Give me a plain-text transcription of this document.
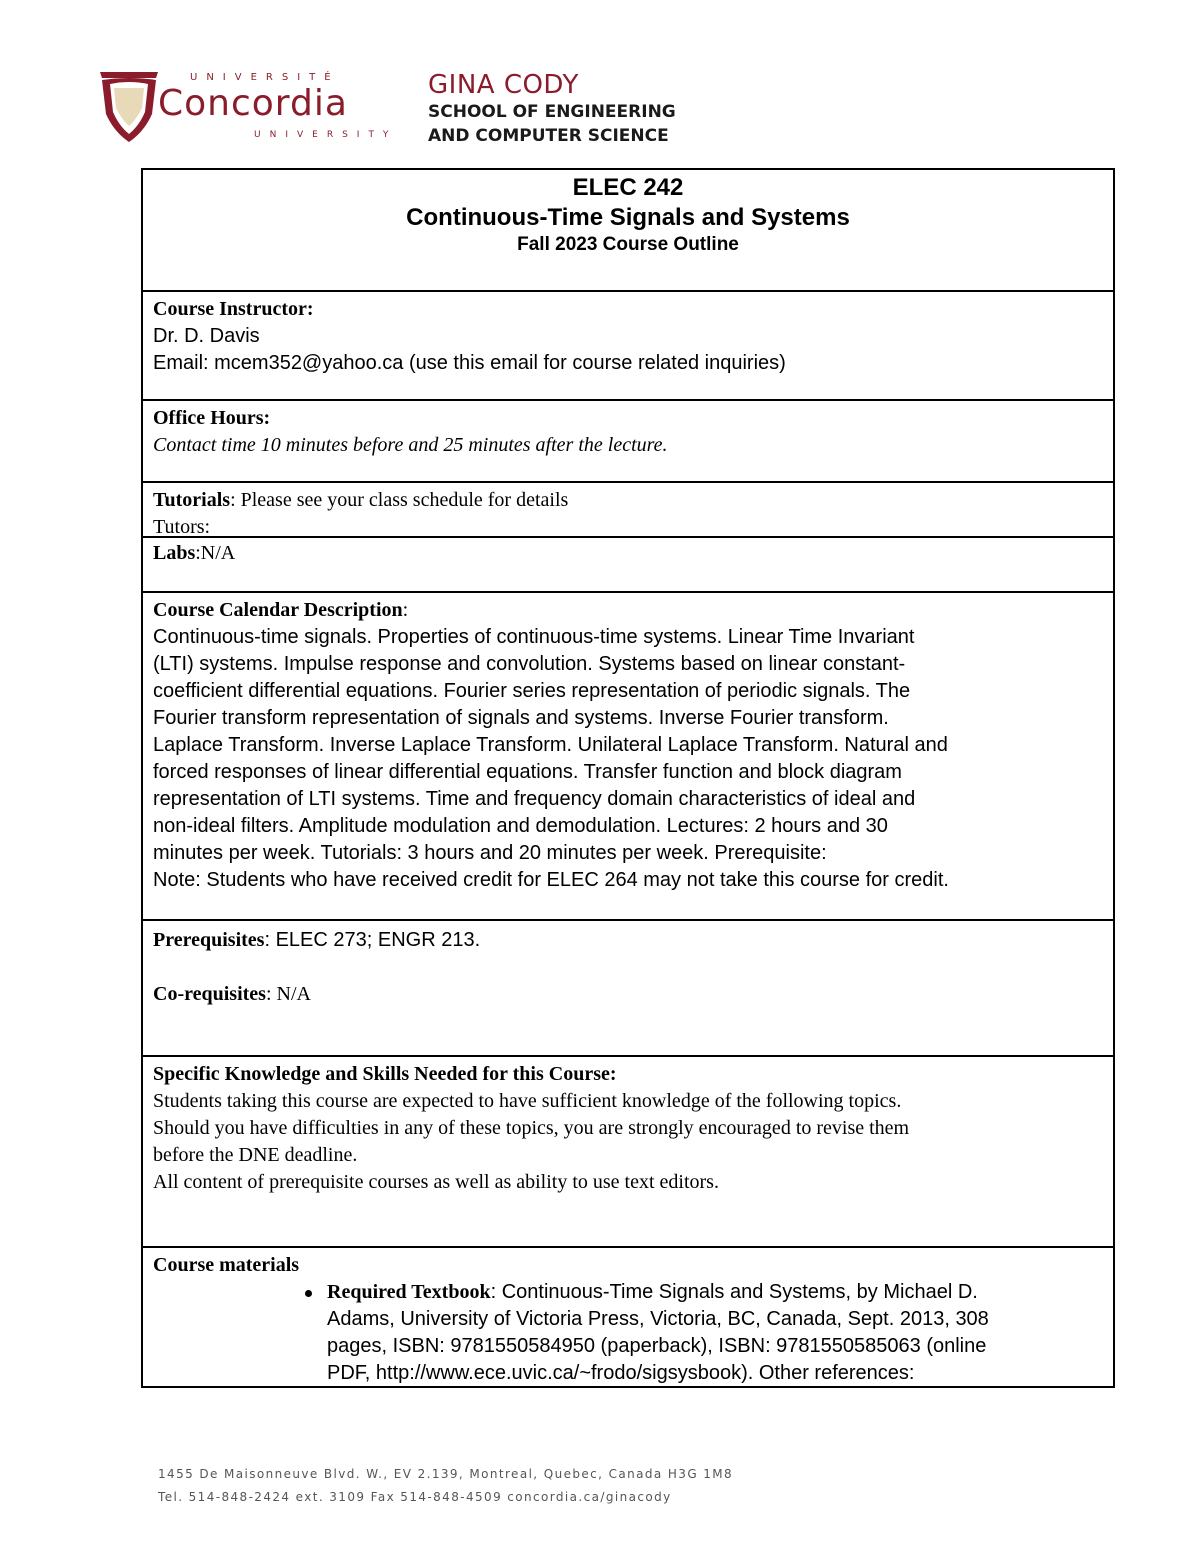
UNIVERSITÉ
Concordia
UNIVERSITY
GINA CODY
SCHOOL OF ENGINEERING
AND COMPUTER SCIENCE
ELEC 242
Continuous-Time Signals and Systems
Fall 2023 Course Outline
Course Instructor:
Dr. D. Davis
Email: mcem352@yahoo.ca (use this email for course related inquiries)
Office Hours:
Contact time 10 minutes before and 25 minutes after the lecture.
Tutorials: Please see your class schedule for details
Tutors:
Labs:N/A
Course Calendar Description:
Continuous-time signals. Properties of continuous-time systems. Linear Time Invariant
(LTI) systems. Impulse response and convolution. Systems based on linear constant-
coefficient differential equations. Fourier series representation of periodic signals. The
Fourier transform representation of signals and systems. Inverse Fourier transform.
Laplace Transform. Inverse Laplace Transform. Unilateral Laplace Transform. Natural and
forced responses of linear differential equations. Transfer function and block diagram
representation of LTI systems. Time and frequency domain characteristics of ideal and
non-ideal filters. Amplitude modulation and demodulation. Lectures: 2 hours and 30
minutes per week. Tutorials: 3 hours and 20 minutes per week. Prerequisite:
Note: Students who have received credit for ELEC 264 may not take this course for credit.
Prerequisites: ELEC 273; ENGR 213.
Co-requisites: N/A
Specific Knowledge and Skills Needed for this Course:
Students taking this course are expected to have sufficient knowledge of the following topics.
Should you have difficulties in any of these topics, you are strongly encouraged to revise them
before the DNE deadline.
All content of prerequisite courses as well as ability to use text editors.
Course materials
Required Textbook: Continuous-Time Signals and Systems, by Michael D.
Adams, University of Victoria Press, Victoria, BC, Canada, Sept. 2013, 308
pages, ISBN: 9781550584950 (paperback), ISBN: 9781550585063 (online
PDF, http://www.ece.uvic.ca/~frodo/sigsysbook). Other references:
1455 De Maisonneuve Blvd. W., EV 2.139, Montreal, Quebec, Canada H3G 1M8
Tel. 514-848-2424 ext. 3109 Fax 514-848-4509 concordia.ca/ginacody
